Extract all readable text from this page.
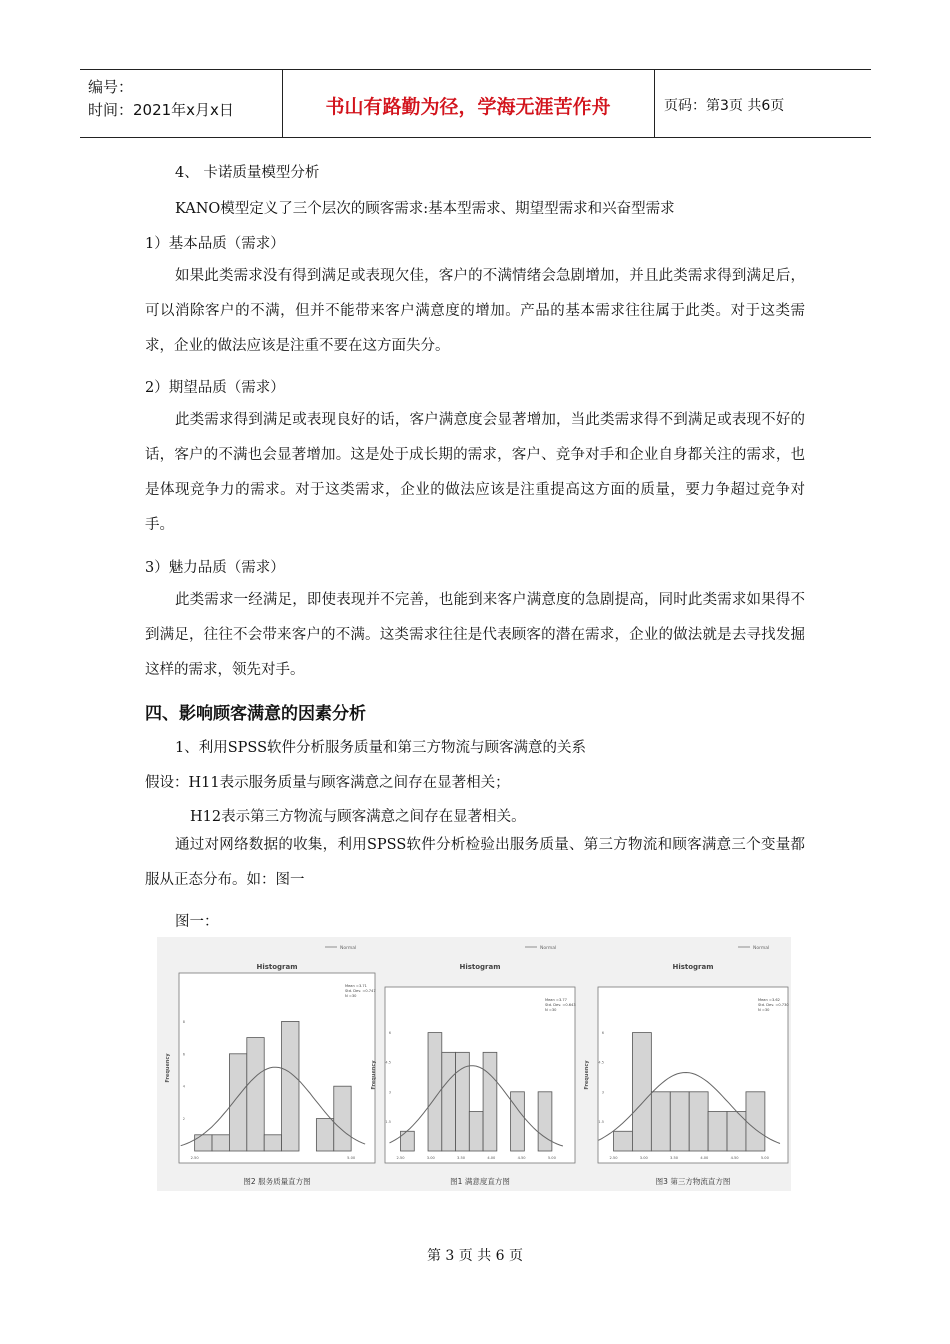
编号：
时间：2021年x月x日	书山有路勤为径，学海无涯苦作舟	页码：第3页 共6页
4、 卡诺质量模型分析
KANO模型定义了三个层次的顾客需求:基本型需求、期望型需求和兴奋型需求
1）基本品质（需求）

如果此类需求没有得到满足或表现欠佳，客户的不满情绪会急剧增加，并且此类需求得到满足后，可以消除客户的不满，但并不能带来客户满意度的增加。产品的基本需求往往属于此类。对于这类需求，企业的做法应该是注重不要在这方面失分。

2）期望品质（需求）

此类需求得到满足或表现良好的话，客户满意度会显著增加，当此类需求得不到满足或表现不好的话，客户的不满也会显著增加。这是处于成长期的需求，客户、竞争对手和企业自身都关注的需求，也是体现竞争力的需求。对于这类需求，企业的做法应该是注重提高这方面的质量，要力争超过竞争对手。

3）魅力品质（需求）

此类需求一经满足，即使表现并不完善，也能到来客户满意度的急剧提高，同时此类需求如果得不到满足，往往不会带来客户的不满。这类需求往往是代表顾客的潜在需求，企业的做法就是去寻找发掘这样的需求，领先对手。

四、影响顾客满意的因素分析
1、利用SPSS软件分析服务质量和第三方物流与顾客满意的关系
假设：H11表示服务质量与顾客满意之间存在显著相关；
H12表示第三方物流与顾客满意之间存在显著相关。

通过对网络数据的收集，利用SPSS软件分析检验出服务质量、第三方物流和顾客满意三个变量都服从正态分布。如：图一

图一：
Histogram
Normal
Frequency
Mean =3.71
Std. Dev. =0.747
N =30
2
4
6
8
2.50	5.00
图2 服务质量直方图
Histogram
Normal
Frequency
Mean =3.77
Std. Dev. =0.643
N =30
1.5
3
4.5
6
2.50	3.00	3.50	4.00	4.50	5.00
图1 满意度直方图
Histogram
Normal
Frequency
Mean =3.62
Std. Dev. =0.730
N =30
1.5
3
4.5
6
2.50	3.00	3.50	4.00	4.50	5.00
图3 第三方物流直方图
第 3 页 共 6 页
